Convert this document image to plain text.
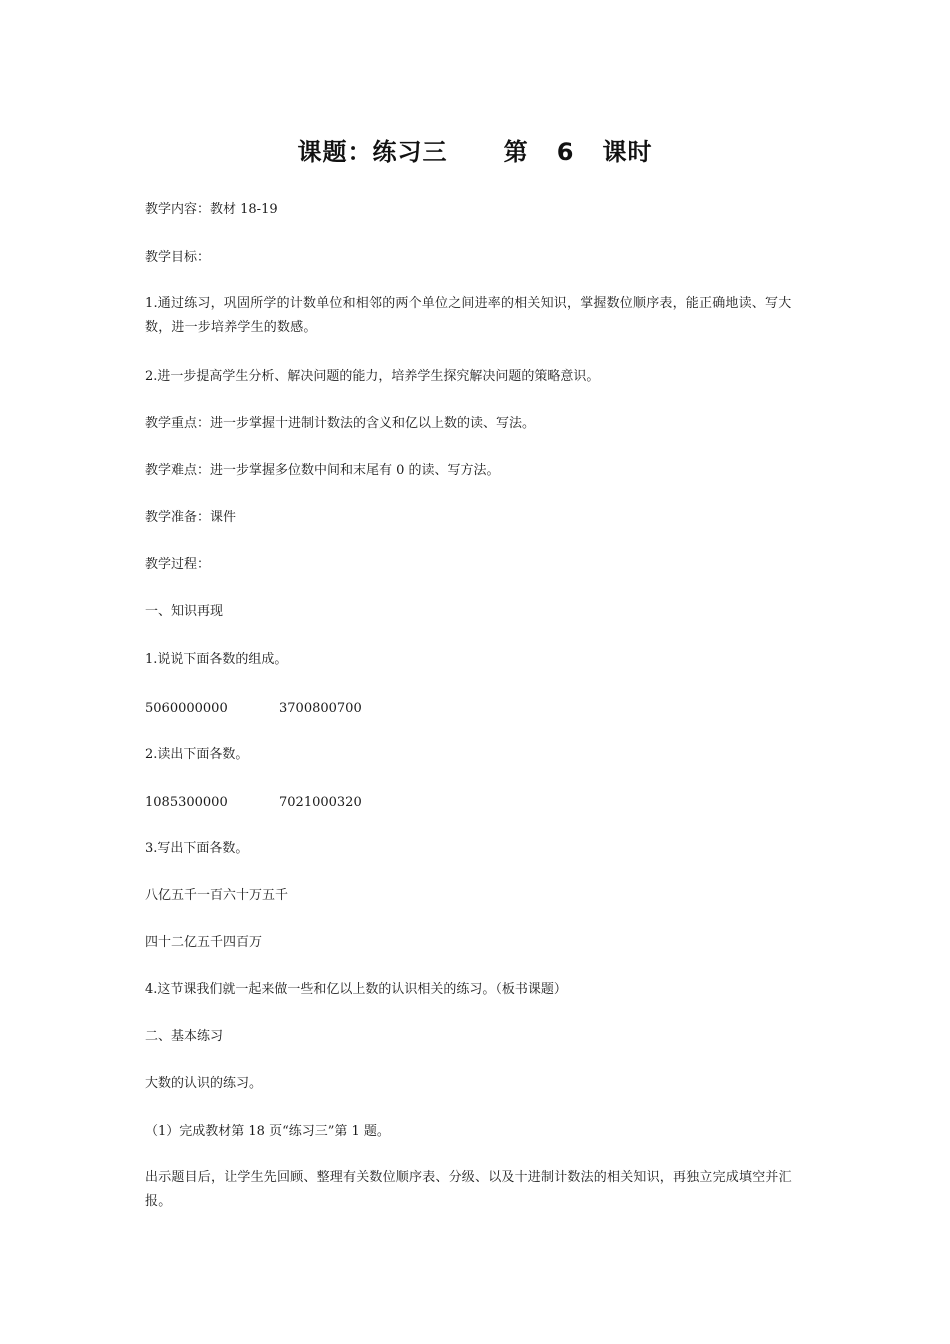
课题：练习三      第   6   课时
教学内容：教材 18-19
教学目标：
1.通过练习，巩固所学的计数单位和相邻的两个单位之间进率的相关知识，掌握数位顺序表，能正确地读、写大数，进一步培养学生的数感。
2.进一步提高学生分析、解决问题的能力，培养学生探究解决问题的策略意识。
教学重点：进一步掌握十进制计数法的含义和亿以上数的读、写法。
教学难点：进一步掌握多位数中间和末尾有 0 的读、写方法。
教学准备：课件
教学过程：
一、知识再现
1.说说下面各数的组成。
5060000000	3700800700
2.读出下面各数。
1085300000	7021000320
3.写出下面各数。
八亿五千一百六十万五千
四十二亿五千四百万
4.这节课我们就一起来做一些和亿以上数的认识相关的练习。（板书课题）
二、基本练习
大数的认识的练习。
（1）完成教材第 18 页“练习三”第 1 题。
出示题目后，让学生先回顾、整理有关数位顺序表、分级、以及十进制计数法的相关知识，再独立完成填空并汇报。
